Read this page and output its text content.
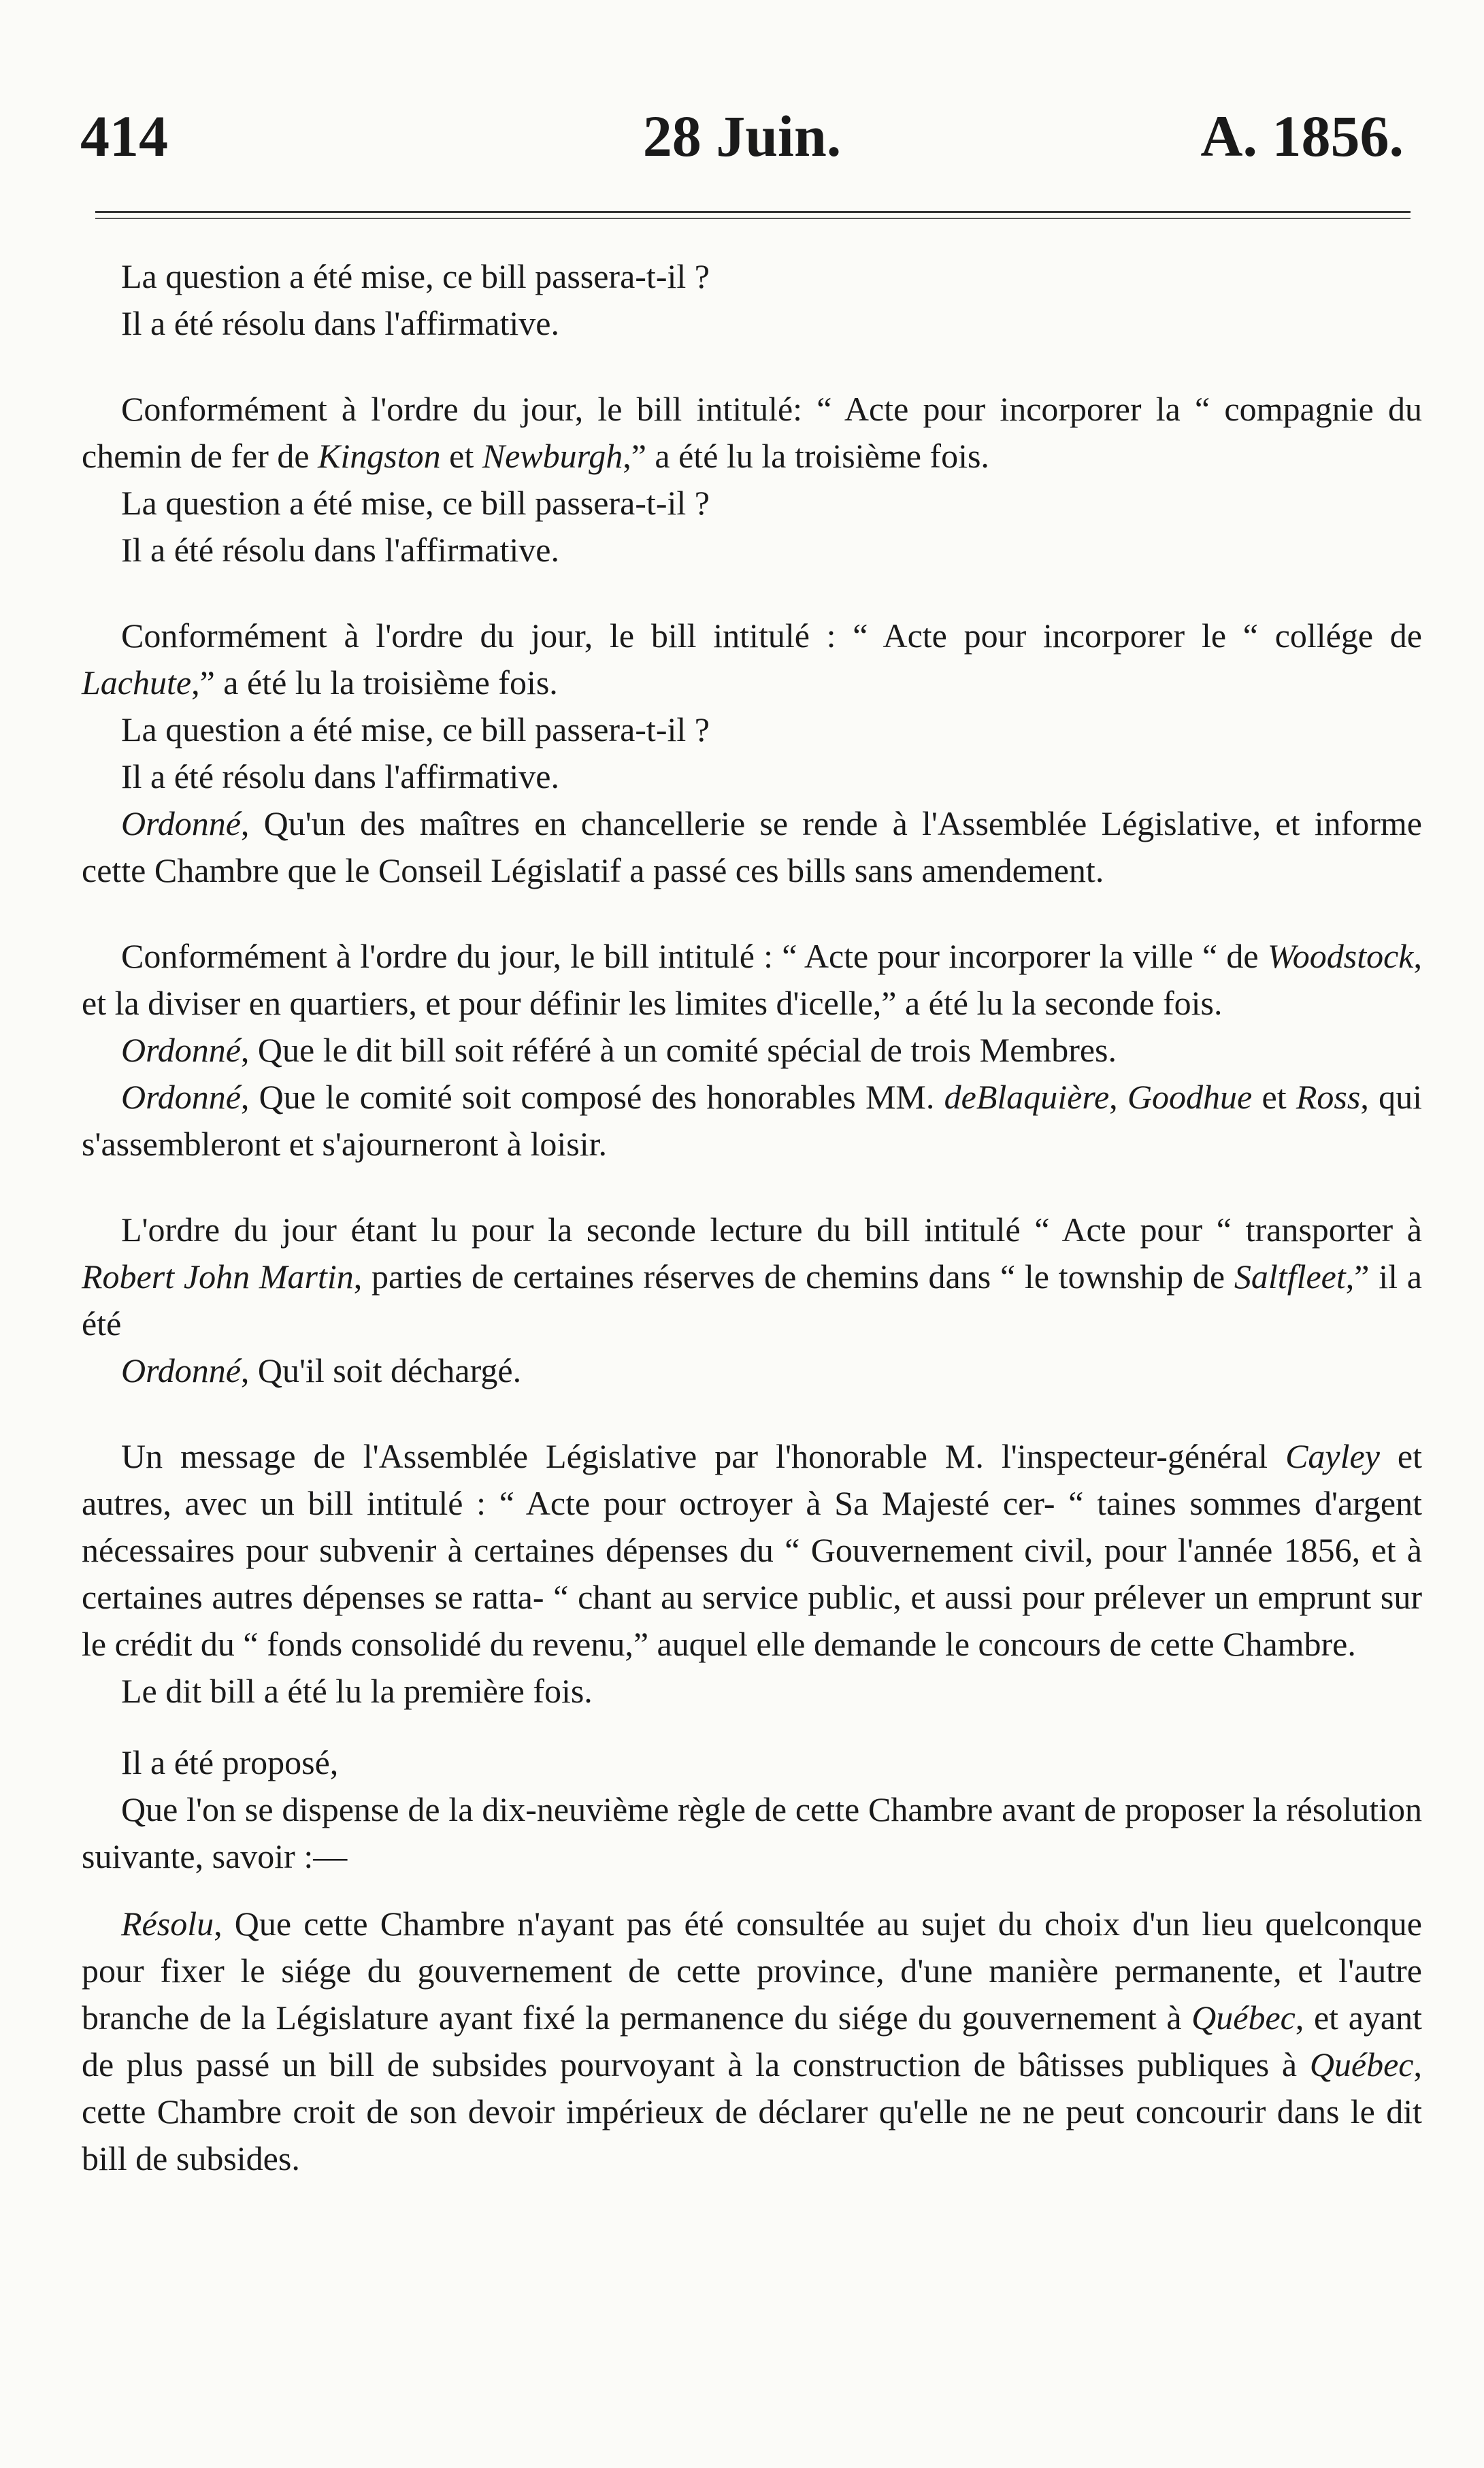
414	28 Juin.	A. 1856.

La question a été mise, ce bill passera-t-il ?

Il a été résolu dans l'affirmative.

Conformément à l'ordre du jour, le bill intitulé: “ Acte pour incorporer la “ compagnie du chemin de fer de Kingston et Newburgh,” a été lu la troisième fois.

La question a été mise, ce bill passera-t-il ?

Il a été résolu dans l'affirmative.

Conformément à l'ordre du jour, le bill intitulé : “ Acte pour incorporer le “ collége de Lachute,” a été lu la troisième fois.

La question a été mise, ce bill passera-t-il ?

Il a été résolu dans l'affirmative.

Ordonné, Qu'un des maîtres en chancellerie se rende à l'Assemblée Législative, et informe cette Chambre que le Conseil Législatif a passé ces bills sans amendement.

Conformément à l'ordre du jour, le bill intitulé : “ Acte pour incorporer la ville “ de Woodstock, et la diviser en quartiers, et pour définir les limites d'icelle,” a été lu la seconde fois.

Ordonné, Que le dit bill soit référé à un comité spécial de trois Membres.

Ordonné, Que le comité soit composé des honorables MM. deBlaquière, Goodhue et Ross, qui s'assembleront et s'ajourneront à loisir.

L'ordre du jour étant lu pour la seconde lecture du bill intitulé “ Acte pour “ transporter à Robert John Martin, parties de certaines réserves de chemins dans “ le township de Saltfleet,” il a été

Ordonné, Qu'il soit déchargé.

Un message de l'Assemblée Législative par l'honorable M. l'inspecteur-général Cayley et autres, avec un bill intitulé : “ Acte pour octroyer à Sa Majesté cer- “ taines sommes d'argent nécessaires pour subvenir à certaines dépenses du “ Gouvernement civil, pour l'année 1856, et à certaines autres dépenses se ratta- “ chant au service public, et aussi pour prélever un emprunt sur le crédit du “ fonds consolidé du revenu,” auquel elle demande le concours de cette Chambre.

Le dit bill a été lu la première fois.

Il a été proposé,

Que l'on se dispense de la dix-neuvième règle de cette Chambre avant de proposer la résolution suivante, savoir :—

Résolu, Que cette Chambre n'ayant pas été consultée au sujet du choix d'un lieu quelconque pour fixer le siége du gouvernement de cette province, d'une manière permanente, et l'autre branche de la Législature ayant fixé la permanence du siége du gouvernement à Québec, et ayant de plus passé un bill de subsides pourvoyant à la construction de bâtisses publiques à Québec, cette Chambre croit de son devoir impérieux de déclarer qu'elle ne ne peut concourir dans le dit bill de subsides.
